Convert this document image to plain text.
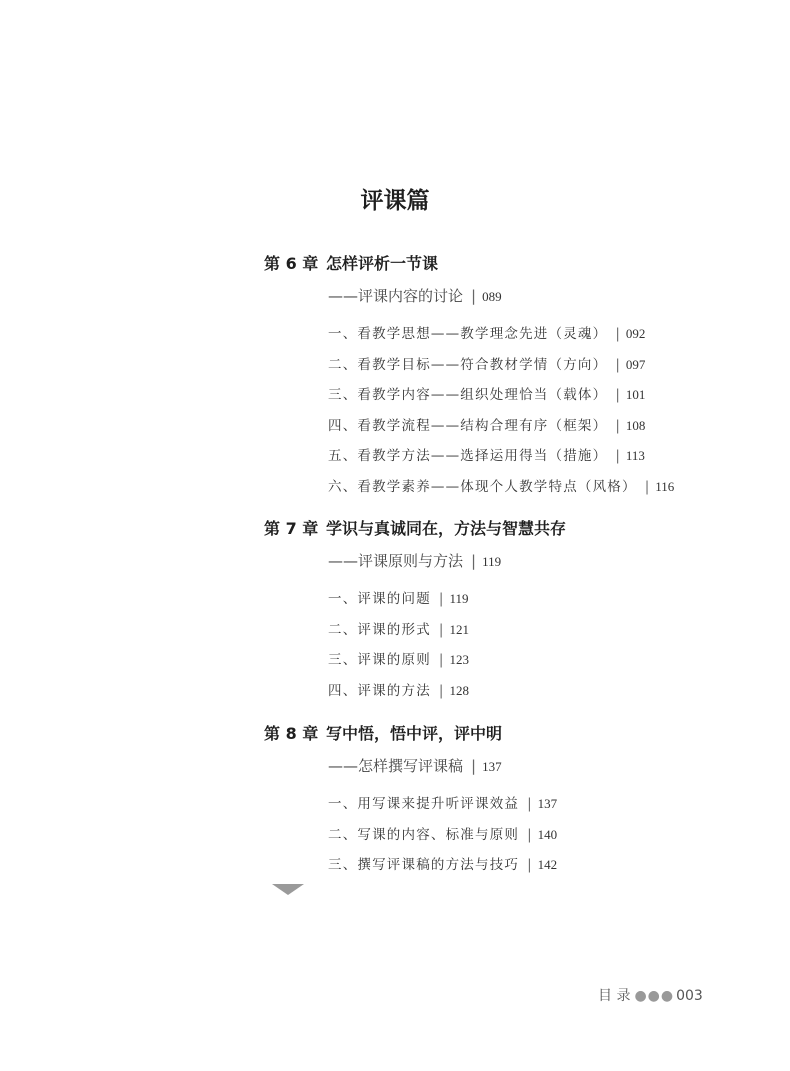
评课篇
第 6 章 怎样评析一节课
——评课内容的讨论 | 089
一、看教学思想——教学理念先进（灵魂） | 092
二、看教学目标——符合教材学情（方向） | 097
三、看教学内容——组织处理恰当（载体） | 101
四、看教学流程——结构合理有序（框架） | 108
五、看教学方法——选择运用得当（措施） | 113
六、看教学素养——体现个人教学特点（风格） | 116
第 7 章 学识与真诚同在，方法与智慧共存
——评课原则与方法 | 119
一、评课的问题 | 119
二、评课的形式 | 121
三、评课的原则 | 123
四、评课的方法 | 128
第 8 章 写中悟，悟中评，评中明
——怎样撰写评课稿 | 137
一、用写课来提升听评课效益 | 137
二、写课的内容、标准与原则 | 140
三、撰写评课稿的方法与技巧 | 142
目 录 ●●● 003
